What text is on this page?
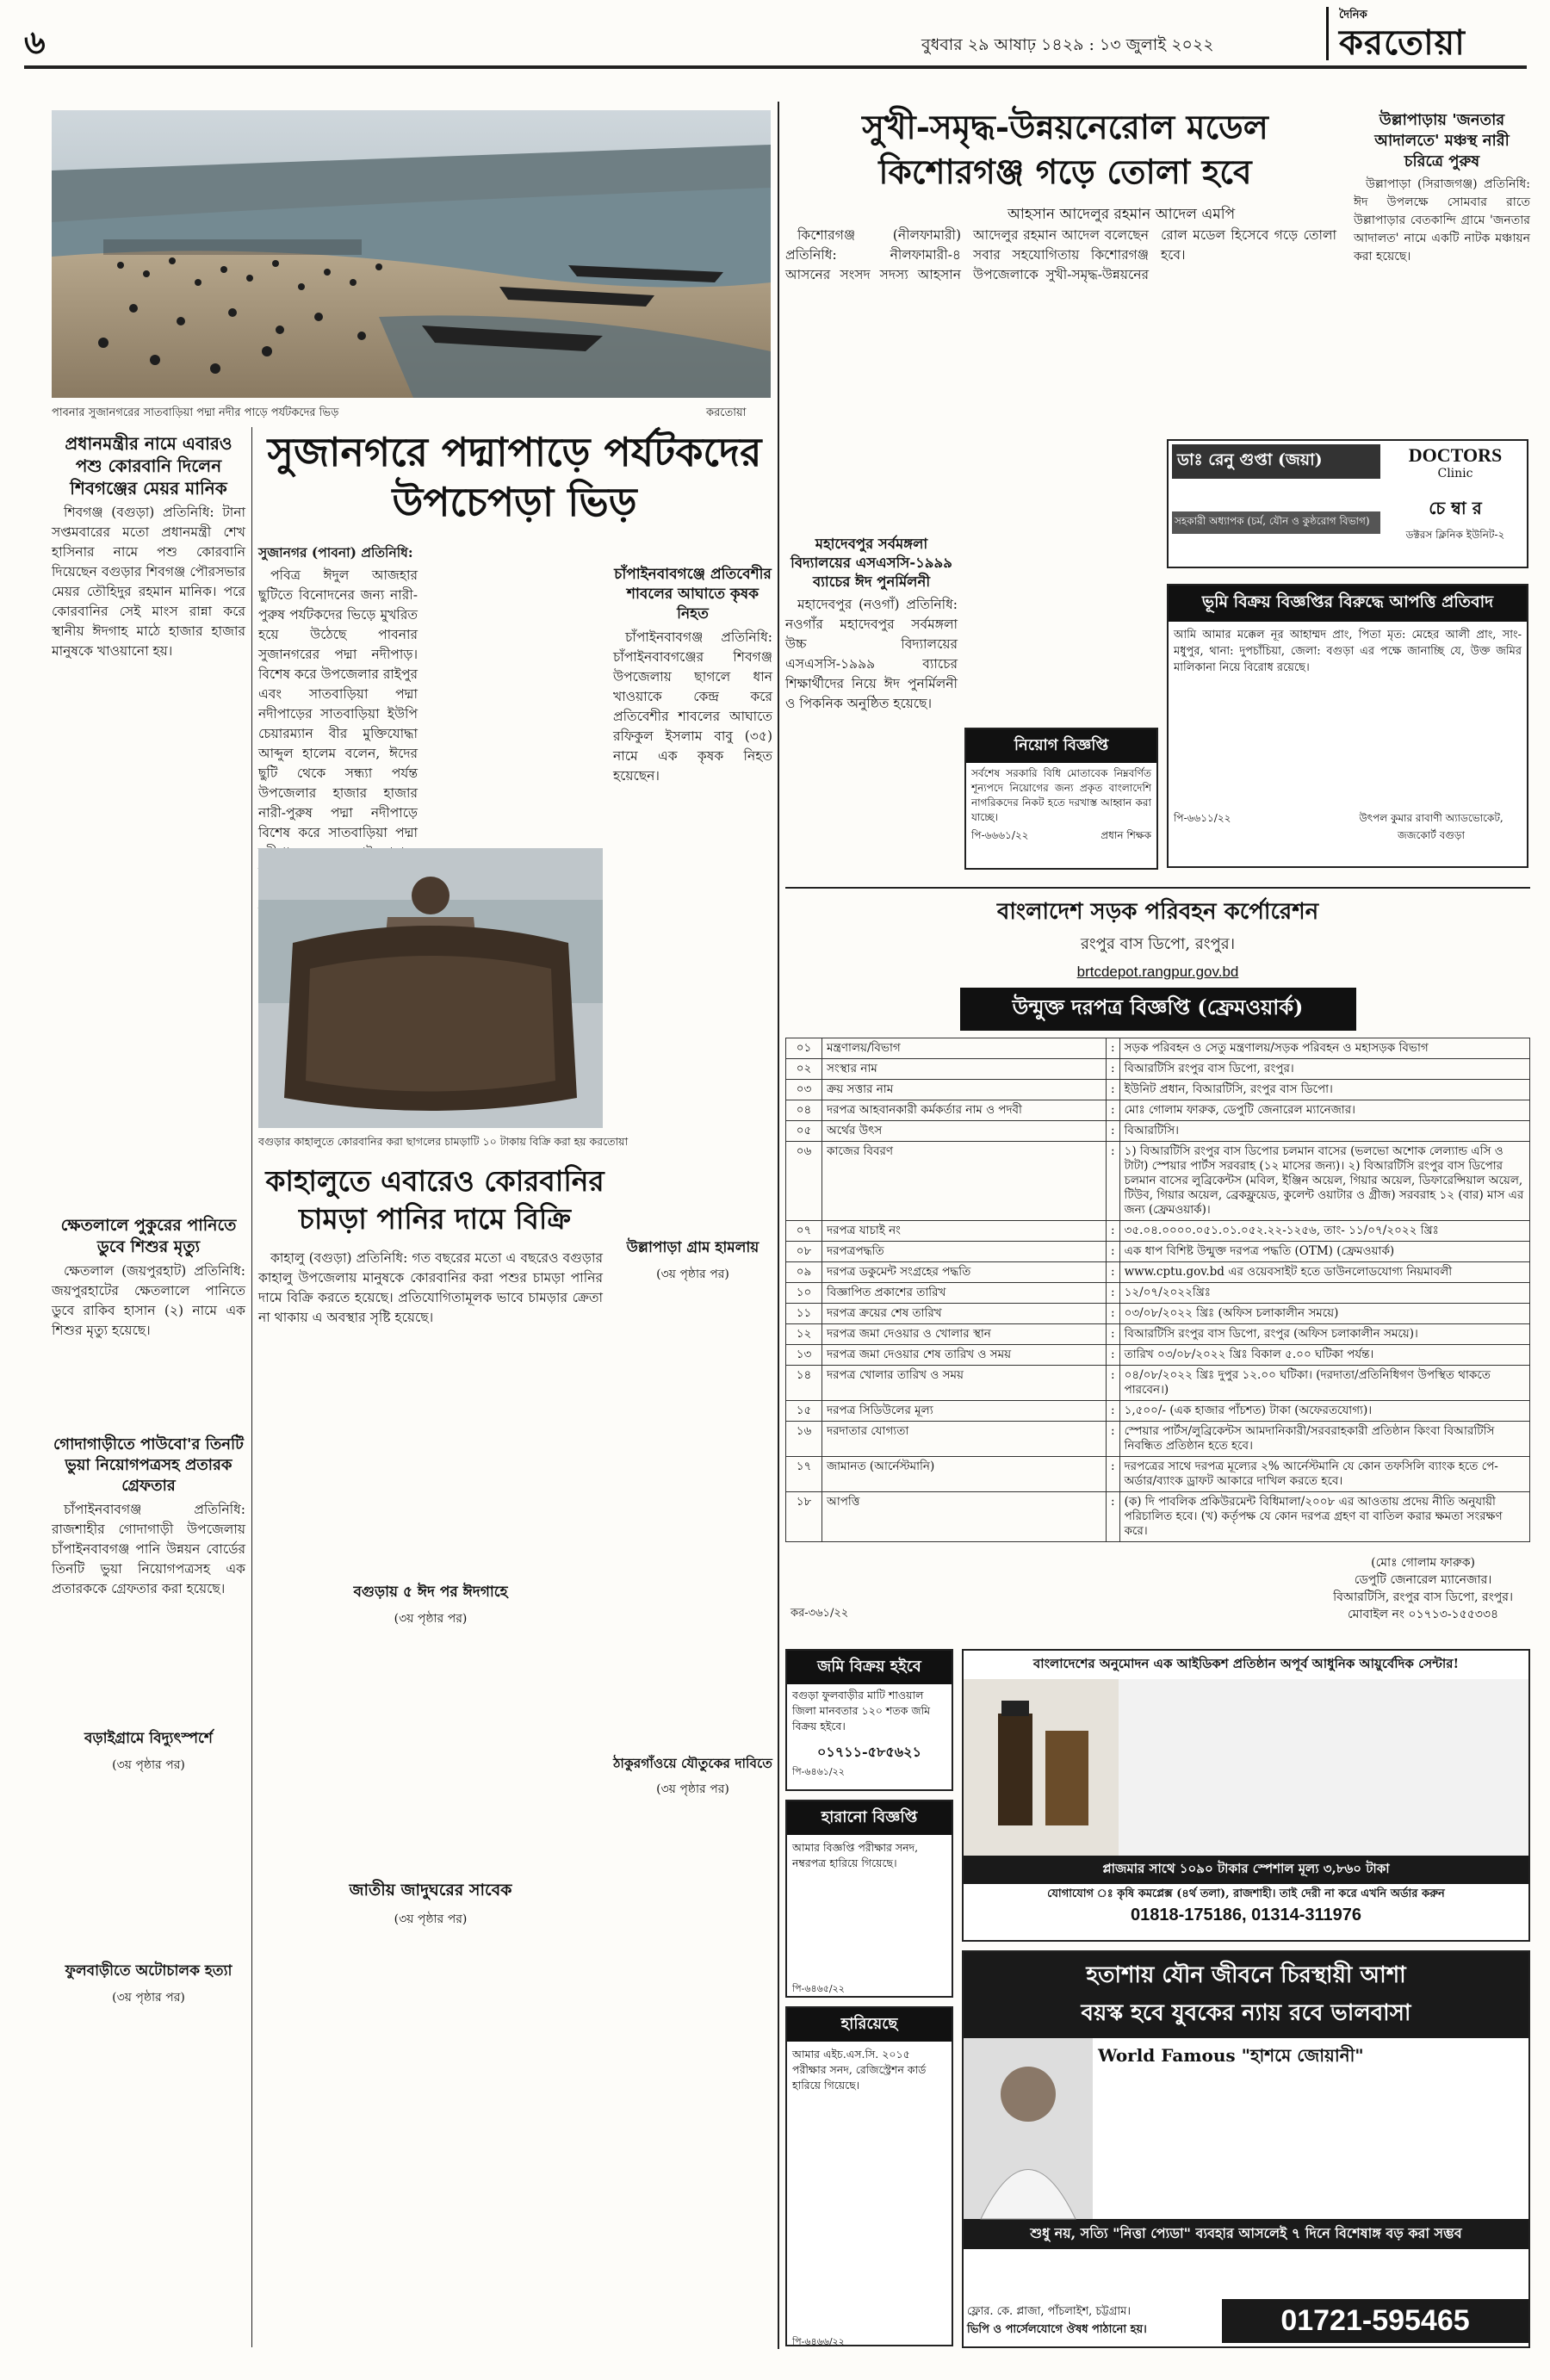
৬	বুধবার ২৯ আষাঢ় ১৪২৯ : ১৩ জুলাই ২০২২
দৈনিক
করতোয়া
পাবনার সুজানগরের সাতবাড়িয়া পদ্মা নদীর পাড়ে পর্যটকদের ভিড়	করতোয়া
প্রধানমন্ত্রীর নামে এবারও পশু কোরবানি দিলেন শিবগঞ্জের মেয়র মানিক

শিবগঞ্জ (বগুড়া) প্রতিনিধি: টানা সপ্তমবারের মতো প্রধানমন্ত্রী শেখ হাসিনার নামে পশু কোরবানি দিয়েছেন বগুড়ার শিবগঞ্জ পৌরসভার মেয়র তৌহিদুর রহমান মানিক। পরে কোরবানির সেই মাংস রান্না করে স্থানীয় ঈদগাহ মাঠে হাজার হাজার মানুষকে খাওয়ানো হয়।

ক্ষেতলালে পুকুরের পানিতে ডুবে শিশুর মৃত্যু

ক্ষেতলাল (জয়পুরহাট) প্রতিনিধি: জয়পুরহাটের ক্ষেতলালে পানিতে ডুবে রাকিব হাসান (২) নামে এক শিশুর মৃত্যু হয়েছে।

গোদাগাড়ীতে পাউবো'র তিনটি ভুয়া নিয়োগপত্রসহ প্রতারক গ্রেফতার

চাঁপাইনবাবগঞ্জ প্রতিনিধি: রাজশাহীর গোদাগাড়ী উপজেলায় চাঁপাইনবাবগঞ্জ পানি উন্নয়ন বোর্ডের তিনটি ভুয়া নিয়োগপত্রসহ এক প্রতারককে গ্রেফতার করা হয়েছে।

বড়াইগ্রামে বিদ্যুৎস্পর্শে
(৩য় পৃষ্ঠার পর)
ফুলবাড়ীতে অটোচালক হত্যা
(৩য় পৃষ্ঠার পর)
সুজানগরে পদ্মাপাড়ে পর্যটকদের
উপচেপড়া ভিড়

সুজানগর (পাবনা) প্রতিনিধি:

পবিত্র ঈদুল আজহার ছুটিতে বিনোদনের জন্য নারী-পুরুষ পর্যটকদের ভিড়ে মুখরিত হয়ে উঠেছে পাবনার সুজানগরের পদ্মা নদীপাড়। বিশেষ করে উপজেলার রাইপুর এবং সাতবাড়িয়া পদ্মা নদীপাড়ের সাতবাড়িয়া ইউপি চেয়ারম্যান বীর মুক্তিযোদ্ধা আব্দুল হালেম বলেন, ঈদের ছুটি থেকে সন্ধ্যা পর্যন্ত উপজেলার হাজার হাজার নারী-পুরুষ পদ্মা নদীপাড়ে বিশেষ করে সাতবাড়িয়া পদ্মা

বগুড়ার কাহালুতে কোরবানির করা ছাগলের চামড়াটি ১০ টাকায় বিক্রি করা হয় করতোয়া
কাহালুতে এবারেও কোরবানির
চামড়া পানির দামে বিক্রি

কাহালু (বগুড়া) প্রতিনিধি: গত বছরের মতো এ বছরেও বগুড়ার কাহালু উপজেলায় মানুষকে কোরবানির করা পশুর চামড়া পানির দামে বিক্রি করতে হয়েছে। প্রতিযোগিতামূলক ভাবে চামড়ার ক্রেতা না থাকায় এ অবস্থার সৃষ্টি হয়েছে।

বগুড়ায় ৫ ঈদ পর ঈদগাহে
(৩য় পৃষ্ঠার পর)
জাতীয় জাদুঘরের সাবেক
(৩য় পৃষ্ঠার পর)
চাঁপাইনবাবগঞ্জে প্রতিবেশীর শাবলের আঘাতে কৃষক নিহত

চাঁপাইনবাবগঞ্জ প্রতিনিধি: চাঁপাইনবাবগঞ্জের শিবগঞ্জ উপজেলায় ছাগলে ধান খাওয়াকে কেন্দ্র করে প্রতিবেশীর শাবলের আঘাতে রফিকুল ইসলাম বাবু (৩৫) নামে এক কৃষক নিহত হয়েছেন।

উল্লাপাড়া গ্রাম হামলায়
(৩য় পৃষ্ঠার পর)
ঠাকুরগাঁওয়ে যৌতুকের দাবিতে
(৩য় পৃষ্ঠার পর)
সুখী-সমৃদ্ধ-উন্নয়নেরোল মডেল
কিশোরগঞ্জ গড়ে তোলা হবে
আহসান আদেলুর রহমান আদেল এমপি

কিশোরগঞ্জ (নীলফামারী) প্রতিনিধি: নীলফামারী-৪ আসনের সংসদ সদস্য আহসান আদেলুর রহমান আদেল বলেছেন সবার সহযোগিতায় কিশোরগঞ্জ উপজেলাকে সুখী-সমৃদ্ধ-উন্নয়নের রোল মডেল হিসেবে গড়ে তোলা হবে।

উল্লাপাড়ায় 'জনতার আদালতে' মঞ্চস্থ নারী চরিত্রে পুরুষ

উল্লাপাড়া (সিরাজগঞ্জ) প্রতিনিধি: ঈদ উপলক্ষে সোমবার রাতে উল্লাপাড়ার বেতকান্দি গ্রামে 'জনতার আদালত' নামে একটি নাটক মঞ্চায়ন করা হয়েছে।

মহাদেবপুর সর্বমঙ্গলা বিদ্যালয়ের এসএসসি-১৯৯৯ ব্যাচের ঈদ পুনর্মিলনী

মহাদেবপুর (নওগাঁ) প্রতিনিধি: নওগাঁর মহাদেবপুর সর্বমঙ্গলা উচ্চ বিদ্যালয়ের এসএসসি-১৯৯৯ ব্যাচের শিক্ষার্থীদের নিয়ে ঈদ পুনর্মিলনী ও পিকনিক অনুষ্ঠিত হয়েছে।

নিয়োগ বিজ্ঞপ্তি
সর্বশেষ সরকারি বিধি মোতাবেক নিম্নবর্ণিত শূন্যপদে নিয়োগের জন্য প্রকৃত বাংলাদেশি নাগরিকদের নিকট হতে দরখাস্ত আহ্বান করা যাচ্ছে।
পি-৬৬৬১/২২	প্রধান শিক্ষক
ডাঃ রেনু গুপ্তা (জয়া)
সহকারী অধ্যাপক (চর্ম, যৌন ও কুষ্ঠরোগ বিভাগ)
DOCTORS
Clinic
চে ম্বা র
ডক্টরস ক্লিনিক ইউনিট-২
ভূমি বিক্রয় বিজ্ঞপ্তির বিরুদ্ধে আপত্তি প্রতিবাদ
আমি আমার মক্কেল নূর আহাম্মদ প্রাং, পিতা মৃত: মেহের আলী প্রাং, সাং-মধুপুর, থানা: দুপচাঁচিয়া, জেলা: বগুড়া এর পক্ষে জানাচ্ছি যে, উক্ত জমির মালিকানা নিয়ে বিরোধ রয়েছে।
পি-৬৬১১/২২	উৎপল কুমার রাবাণী অ্যাডভোকেট, জজকোর্ট বগুড়া
বাংলাদেশ সড়ক পরিবহন কর্পোরেশন
রংপুর বাস ডিপো, রংপুর।
brtcdepot.rangpur.gov.bd
উন্মুক্ত দরপত্র বিজ্ঞপ্তি (ফ্রেমওয়ার্ক)
০১	মন্ত্রণালয়/বিভাগ	:	সড়ক পরিবহন ও সেতু মন্ত্রণালয়/সড়ক পরিবহন ও মহাসড়ক বিভাগ
০২	সংস্থার নাম	:	বিআরটিসি রংপুর বাস ডিপো, রংপুর।
০৩	ক্রয় সত্তার নাম	:	ইউনিট প্রধান, বিআরটিসি, রংপুর বাস ডিপো।
০৪	দরপত্র আহবানকারী কর্মকর্তার নাম ও পদবী	:	মোঃ গোলাম ফারুক, ডেপুটি জেনারেল ম্যানেজার।
০৫	অর্থের উৎস	:	বিআরটিসি।
০৬	কাজের বিবরণ	:	১) বিআরটিসি রংপুর বাস ডিপোর চলমান বাসের (ভলভো অশোক লেল্যান্ড এসি ও টাটা) স্পেয়ার পার্টস সরবরাহ (১২ মাসের জন্য)। ২) বিআরটিসি রংপুর বাস ডিপোর চলমান বাসের লুব্রিকেন্টস (মবিল, ইঞ্জিন অয়েল, গিয়ার অয়েল, ডিফারেন্সিয়াল অয়েল, টিউব, গিয়ার অয়েল, ব্রেকফ্লুয়েড, কুলেন্ট ওয়াটার ও গ্রীজ) সরবরাহ ১২ (বার) মাস এর জন্য (ফ্রেমওয়ার্ক)।
০৭	দরপত্র যাচাই নং	:	৩৫.০৪.০০০০.০৫১.০১.০৫২.২২-১২৫৬, তাং- ১১/০৭/২০২২ খ্রিঃ
০৮	দরপত্রপদ্ধতি	:	এক ধাপ বিশিষ্ট উন্মুক্ত দরপত্র পদ্ধতি (OTM) (ফ্রেমওয়ার্ক)
০৯	দরপত্র ডকুমেন্ট সংগ্রহের পদ্ধতি	:	www.cptu.gov.bd এর ওয়েবসাইট হতে ডাউনলোডযোগ্য নিয়মাবলী
১০	বিজ্ঞাপিত প্রকাশের তারিখ	:	১২/০৭/২০২২খ্রিঃ
১১	দরপত্র ক্রয়ের শেষ তারিখ	:	০৩/০৮/২০২২ খ্রিঃ (অফিস চলাকালীন সময়ে)
১২	দরপত্র জমা দেওয়ার ও খোলার স্থান	:	বিআরটিসি রংপুর বাস ডিপো, রংপুর (অফিস চলাকালীন সময়ে)।
১৩	দরপত্র জমা দেওয়ার শেষ তারিখ ও সময়	:	তারিখ ০৩/০৮/২০২২ খ্রিঃ বিকাল ৫.০০ ঘটিকা পর্যন্ত।
১৪	দরপত্র খোলার তারিখ ও সময়	:	০৪/০৮/২০২২ খ্রিঃ দুপুর ১২.০০ ঘটিকা। (দরদাতা/প্রতিনিধিগণ উপস্থিত থাকতে পারবেন।)
১৫	দরপত্র সিডিউলের মূল্য	:	১,৫০০/- (এক হাজার পাঁচশত) টাকা (অফেরতযোগ্য)।
১৬	দরদাতার যোগ্যতা	:	স্পেয়ার পার্টস/লুব্রিকেন্টস আমদানিকারী/সরবরাহকারী প্রতিষ্ঠান কিংবা বিআরটিসি নিবন্ধিত প্রতিষ্ঠান হতে হবে।
১৭	জামানত (আর্নেস্টমানি)	:	দরপত্রের সাথে দরপত্র মূল্যের ২% আর্নেস্টমানি যে কোন তফসিলি ব্যাংক হতে পে-অর্ডার/ব্যাংক ড্রাফট আকারে দাখিল করতে হবে।
১৮	আপত্তি	:	(ক) দি পাবলিক প্রকিউরমেন্ট বিধিমালা/২০০৮ এর আওতায় প্রদেয় নীতি অনুযায়ী পরিচালিত হবে। (খ) কর্তৃপক্ষ যে কোন দরপত্র গ্রহণ বা বাতিল করার ক্ষমতা সংরক্ষণ করে।
(মোঃ গোলাম ফারুক)
ডেপুটি জেনারেল ম্যানেজার।
বিআরটিসি, রংপুর বাস ডিপো, রংপুর।
মোবাইল নং ০১৭১৩-১৫৫৩৩৪
কর-৩৬১/২২
জমি বিক্রয় হইবে
বগুড়া ফুলবাড়ীর মাটি শাওয়াল জিলা মানবতার ১২০ শতক জমি বিক্রয় হইবে।
০১৭১১-৫৮৫৬২১
পি-৬৪৬১/২২
হারানো বিজ্ঞপ্তি
আমার বিজ্ঞপ্তি পরীক্ষার সনদ, নম্বরপত্র হারিয়ে গিয়েছে।
পি-৬৪৬৫/২২
হারিয়েছে
আমার এইচ.এস.সি. ২০১৫ পরীক্ষার সনদ, রেজিস্ট্রেশন কার্ড হারিয়ে গিয়েছে।
পি-৬৪৬৬/২২
বাংলাদেশের অনুমোদন এক আইডিকশ প্রতিষ্ঠান অপূর্ব আধুনিক আয়ুর্বেদিক সেন্টার!
প্লাজমার সাথে ১০৯০ টাকার স্পেশাল মূল্য ৩,৮৬০ টাকা
যোগাযোগ ঃ কৃষি কমপ্লেক্স (৪র্থ তলা), রাজশাহী। তাই দেরী না করে এখনি অর্ডার করুন
01818-175186, 01314-311976
হতাশায় যৌন জীবনে চিরস্থায়ী আশা
বয়স্ক হবে যুবকের ন্যায় রবে ভালবাসা
World Famous "হাশমে জোয়ানী"
শুধু নয়, সত্যি "নিত্তা প্যেডা" ব্যবহার আসলেই ৭ দিনে বিশেষাঙ্গ বড় করা সম্ভব
ফ্লোর. কে. প্লাজা, পাঁচলাইশ, চট্টগ্রাম।
ভিপি ও পার্সেলযোগে ঔষধ পাঠানো হয়।	01721-595465
